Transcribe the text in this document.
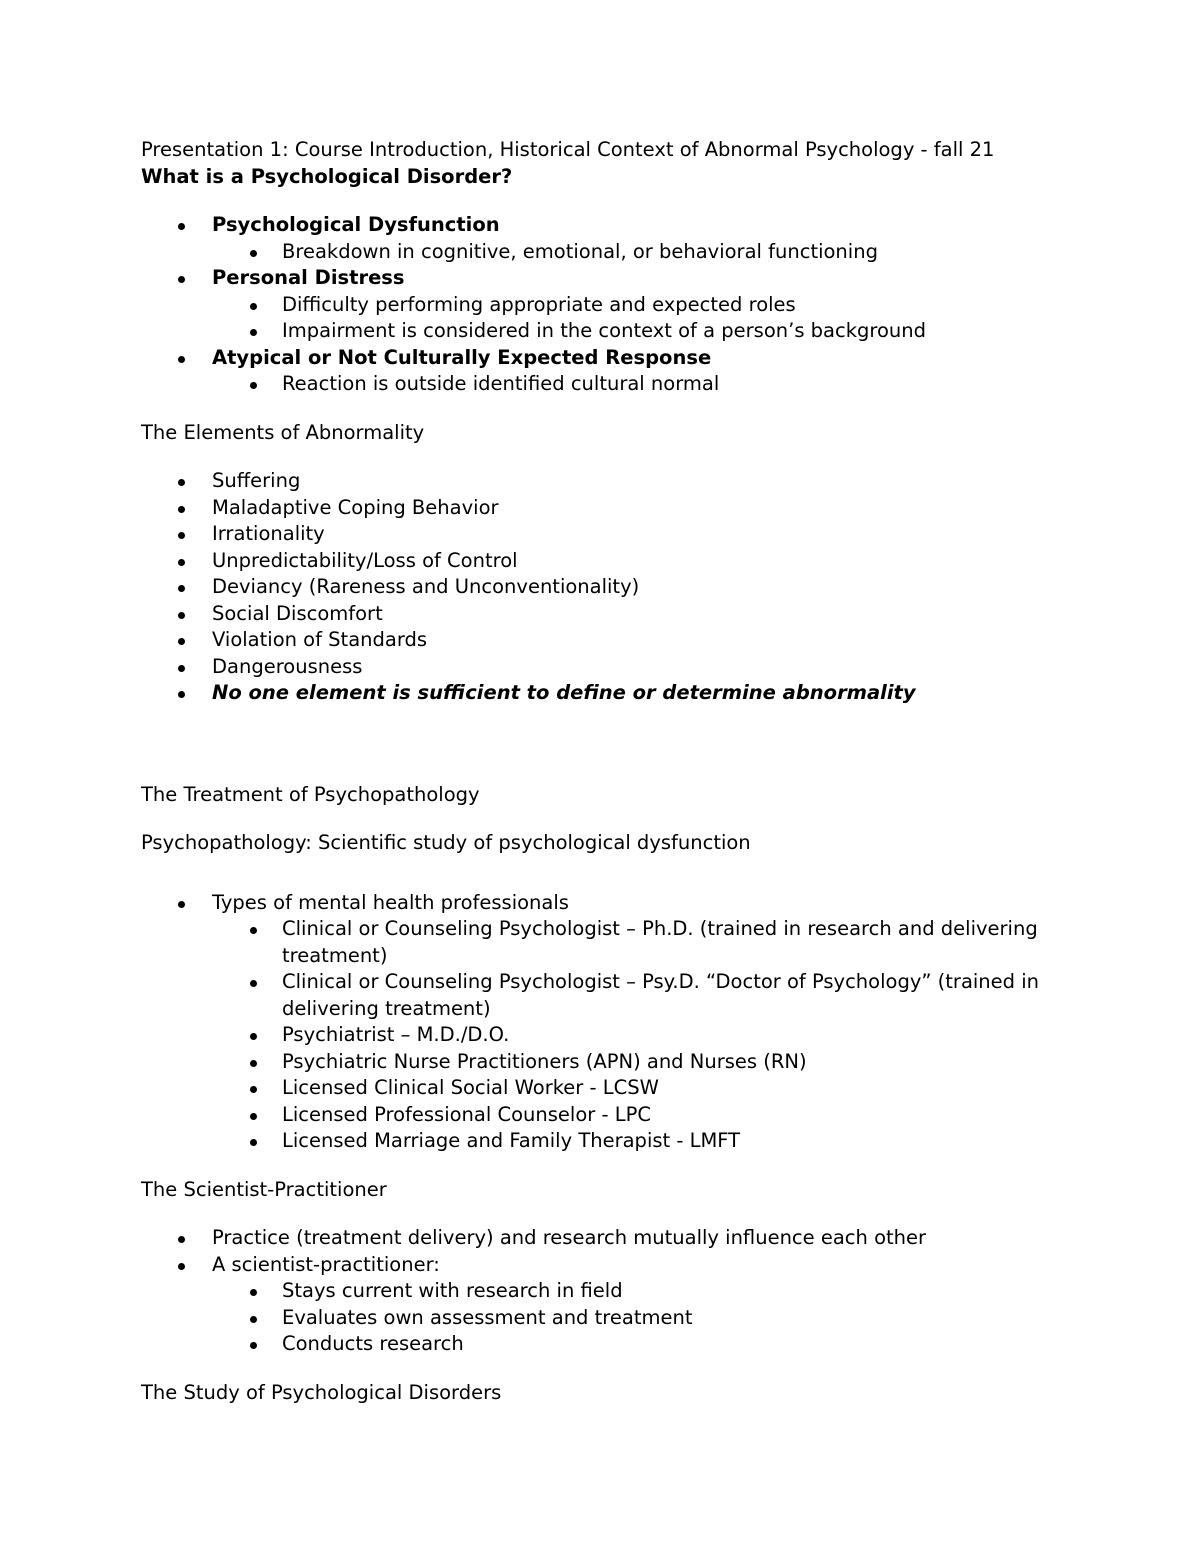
Presentation 1: Course Introduction, Historical Context of Abnormal Psychology - fall 21

What is a Psychological Disorder?

Psychological Dysfunction
Breakdown in cognitive, emotional, or behavioral functioning
Personal Distress
Difficulty performing appropriate and expected roles
Impairment is considered in the context of a person’s background
Atypical or Not Culturally Expected Response
Reaction is outside identified cultural normal

The Elements of Abnormality

Suffering
Maladaptive Coping Behavior
Irrationality
Unpredictability/Loss of Control
Deviancy (Rareness and Unconventionality)
Social Discomfort
Violation of Standards
Dangerousness
No one element is sufficient to define or determine abnormality

The Treatment of Psychopathology

Psychopathology: Scientific study of psychological dysfunction

Types of mental health professionals
Clinical or Counseling Psychologist – Ph.D. (trained in research and delivering treatment)
Clinical or Counseling Psychologist – Psy.D. “Doctor of Psychology” (trained in delivering treatment)
Psychiatrist – M.D./D.O.
Psychiatric Nurse Practitioners (APN) and Nurses (RN)
Licensed Clinical Social Worker - LCSW
Licensed Professional Counselor - LPC
Licensed Marriage and Family Therapist - LMFT

The Scientist-Practitioner

Practice (treatment delivery) and research mutually influence each other
A scientist-practitioner:
Stays current with research in field
Evaluates own assessment and treatment
Conducts research

The Study of Psychological Disorders
